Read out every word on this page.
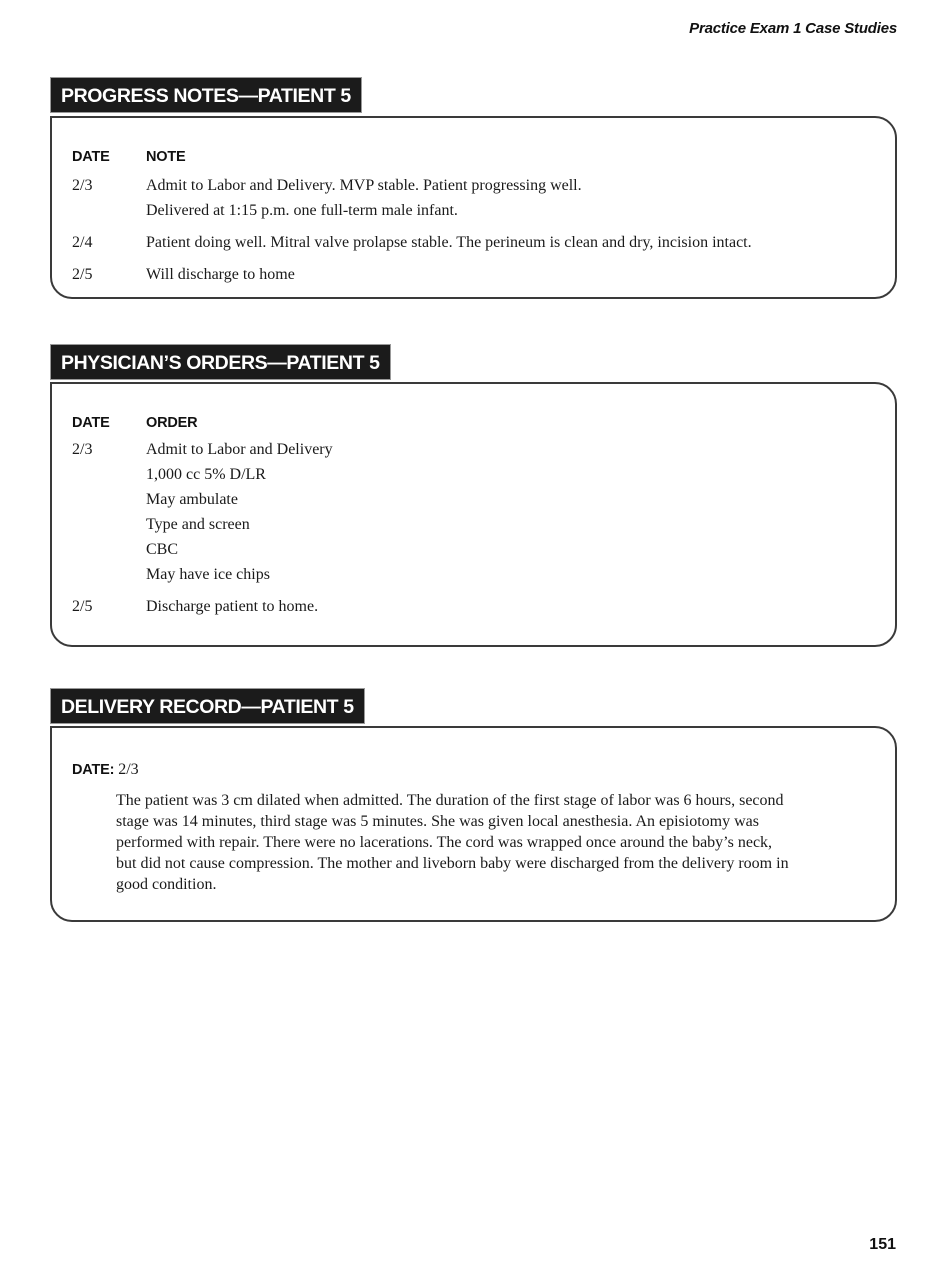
Practice Exam 1 Case Studies
PROGRESS NOTES—PATIENT 5
DATE	NOTE
2/3	Admit to Labor and Delivery. MVP stable. Patient progressing well.
Delivered at 1:15 p.m. one full-term male infant.
2/4	Patient doing well. Mitral valve prolapse stable. The perineum is clean and dry, incision intact.
2/5	Will discharge to home
PHYSICIAN’S ORDERS—PATIENT 5
DATE	ORDER
2/3	Admit to Labor and Delivery
1,000 cc 5% D/LR
May ambulate
Type and screen
CBC
May have ice chips
2/5	Discharge patient to home.
DELIVERY RECORD—PATIENT 5
DATE: 2/3
The patient was 3 cm dilated when admitted. The duration of the first stage of labor was 6 hours, second
stage was 14 minutes, third stage was 5 minutes. She was given local anesthesia. An episiotomy was
performed with repair. There were no lacerations. The cord was wrapped once around the baby’s neck,
but did not cause compression. The mother and liveborn baby were discharged from the delivery room in
good condition.
151
